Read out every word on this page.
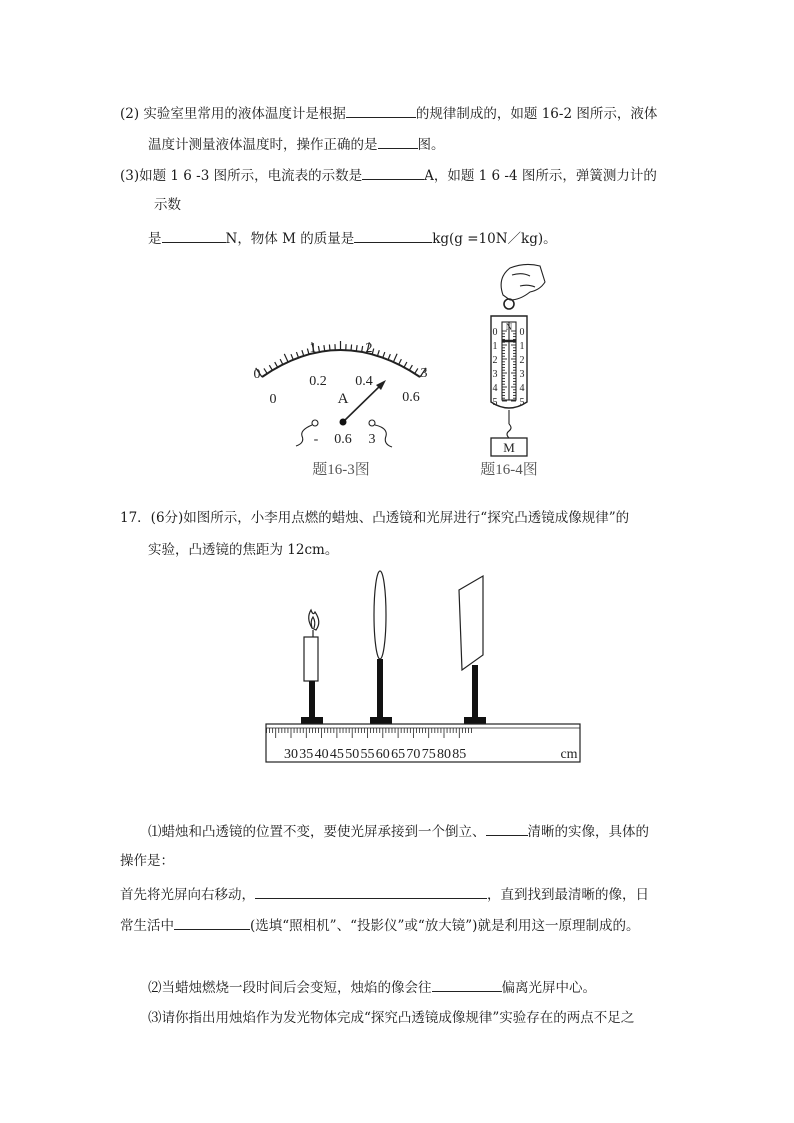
(2) 实验室里常用的液体温度计是根据	的规律制成的，如题 16-2 图所示，液体
温度计测量液体温度时，操作正确的是	图。
(3)如题 1 6 -3 图所示，电流表的示数是	A，如题 1 6 -4 图所示，弹簧测力计的
示数
是	N，物体 M 的质量是	kg(g =10N／kg)。
0
1	2
3
0
0.2 0.4
0.6
A
- 0.6 3
题16-3图
N
0
1
2
3
4
5
0
1
2
3
4
5
M
题16-4图
17．(6分)如图所示，小李用点燃的蜡烛、凸透镜和光屏进行“探究凸透镜成像规律”的
实验，凸透镜的焦距为 12cm。
30 35 40 45 50 55 60 65 70 75 80 85	cm
⑴蜡烛和凸透镜的位置不变，要使光屏承接到一个倒立、	清晰的实像，具体的
操作是：
首先将光屏向右移动，	，直到找到最清晰的像，日
常生活中	(选填“照相机”、“投影仪”或“放大镜”)就是利用这一原理制成的。
⑵当蜡烛燃烧一段时间后会变短，烛焰的像会往	偏离光屏中心。
⑶请你指出用烛焰作为发光物体完成“探究凸透镜成像规律”实验存在的两点不足之
